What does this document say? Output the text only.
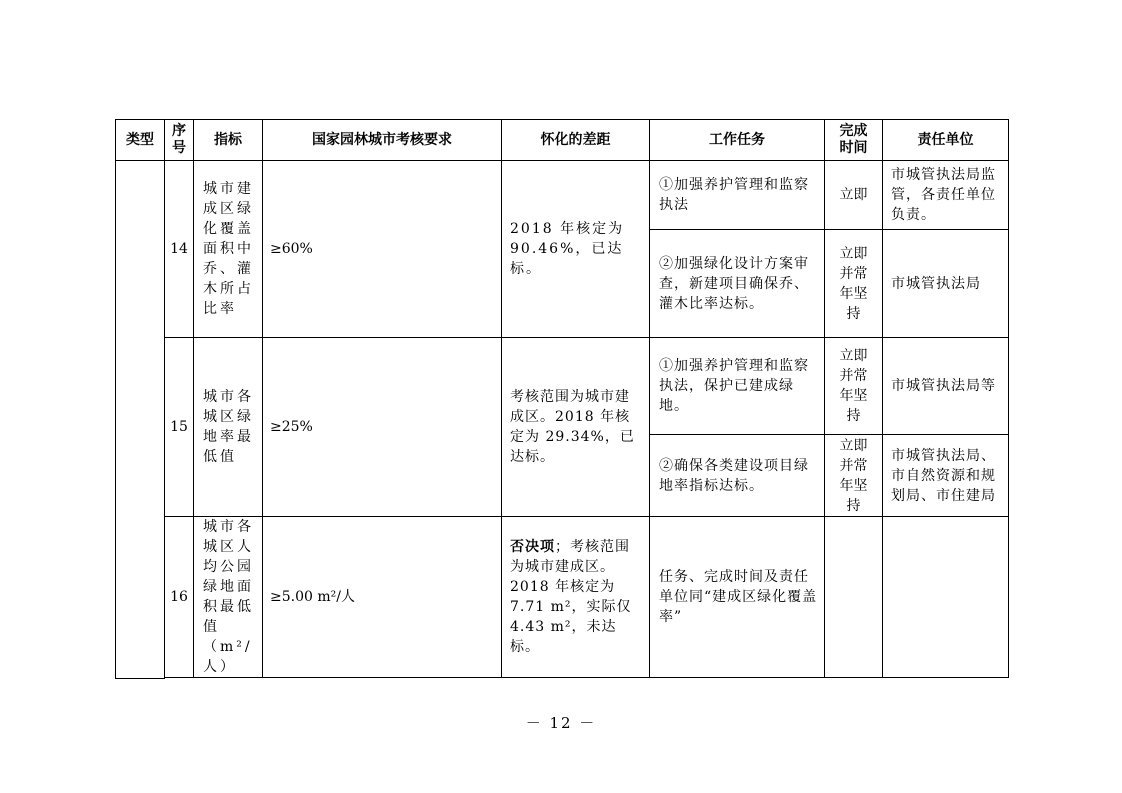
类型	序号	指标	国家园林城市考核要求	怀化的差距	工作任务	完成时间	责任单位
	14	城市建成区绿化覆盖面积中乔、灌木所占比率	≥60%	2018 年核定为 90.46%，已达标。	①加强养护管理和监察执法	立即	市城管执法局监管，各责任单位负责。
					②加强绿化设计方案审查，新建项目确保乔、灌木比率达标。	立即并常年坚持	市城管执法局
	15	城市各城区绿地率最低值	≥25%	考核范围为城市建成区。2018 年核定为 29.34%，已达标。	①加强养护管理和监察执法，保护已建成绿地。	立即并常年坚持	市城管执法局等
					②确保各类建设项目绿地率指标达标。	立即并常年坚持	市城管执法局、市自然资源和规划局、市住建局
	16	城市各城区人均公园绿地面积最低值（m²/人）	≥5.00 m²/人	否决项；考核范围为城市建成区。2018 年核定为 7.71 m²，实际仅 4.43 m²，未达标。	任务、完成时间及责任单位同“建成区绿化覆盖率”		

－ 12 －
